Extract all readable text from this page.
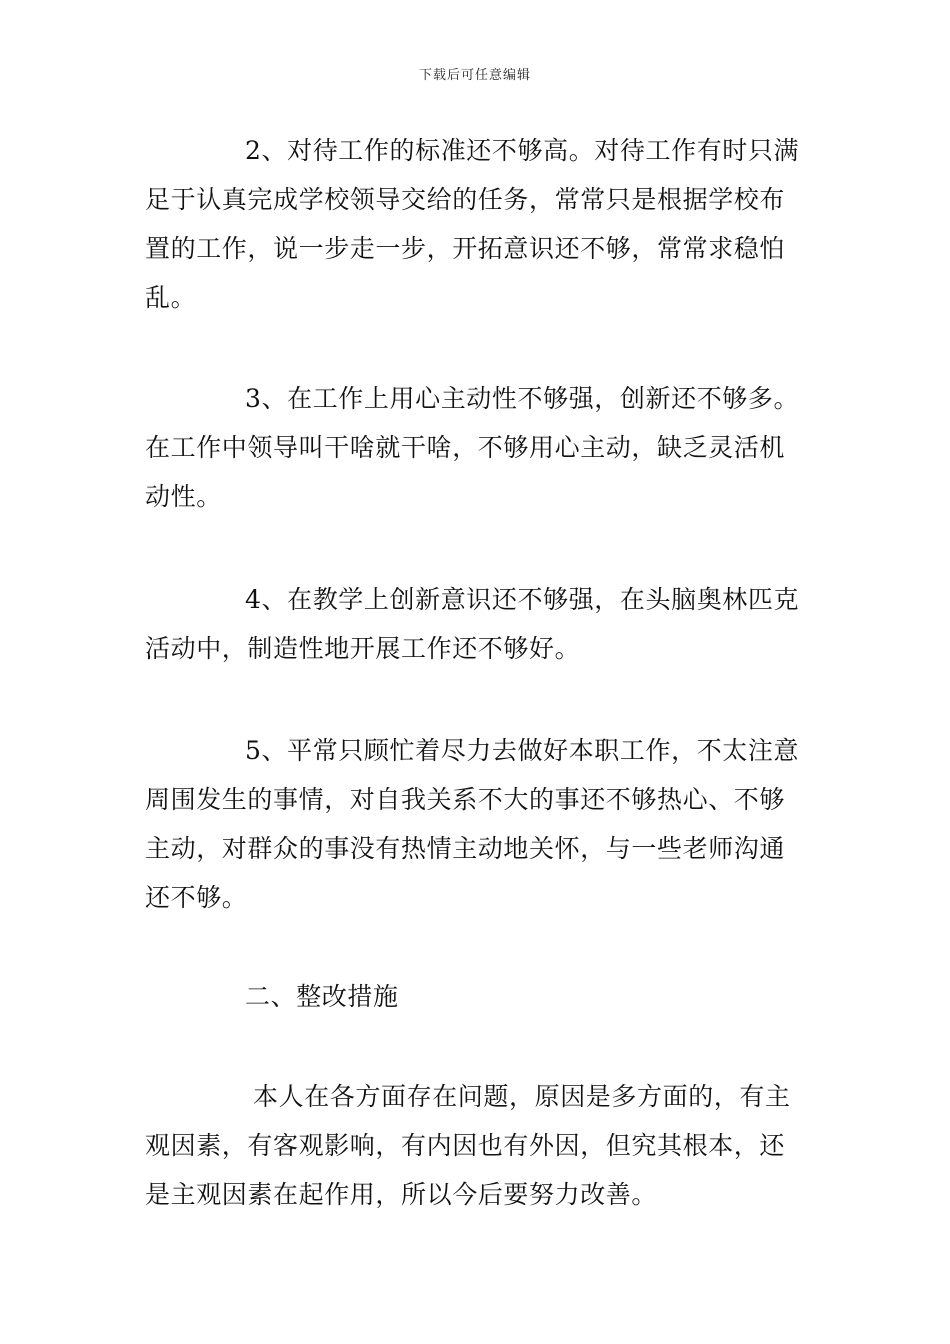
下载后可任意编辑

2、对待工作的标准还不够高。对待工作有时只满足于认真完成学校领导交给的任务，常常只是根据学校布置的工作，说一步走一步，开拓意识还不够，常常求稳怕乱。

3、在工作上用心主动性不够强，创新还不够多。在工作中领导叫干啥就干啥，不够用心主动，缺乏灵活机动性。

4、在教学上创新意识还不够强，在头脑奥林匹克活动中，制造性地开展工作还不够好。

5、平常只顾忙着尽力去做好本职工作，不太注意周围发生的事情，对自我关系不大的事还不够热心、不够主动，对群众的事没有热情主动地关怀，与一些老师沟通还不够。

二、整改措施

本人在各方面存在问题，原因是多方面的，有主观因素，有客观影响，有内因也有外因，但究其根本，还是主观因素在起作用，所以今后要努力改善。
